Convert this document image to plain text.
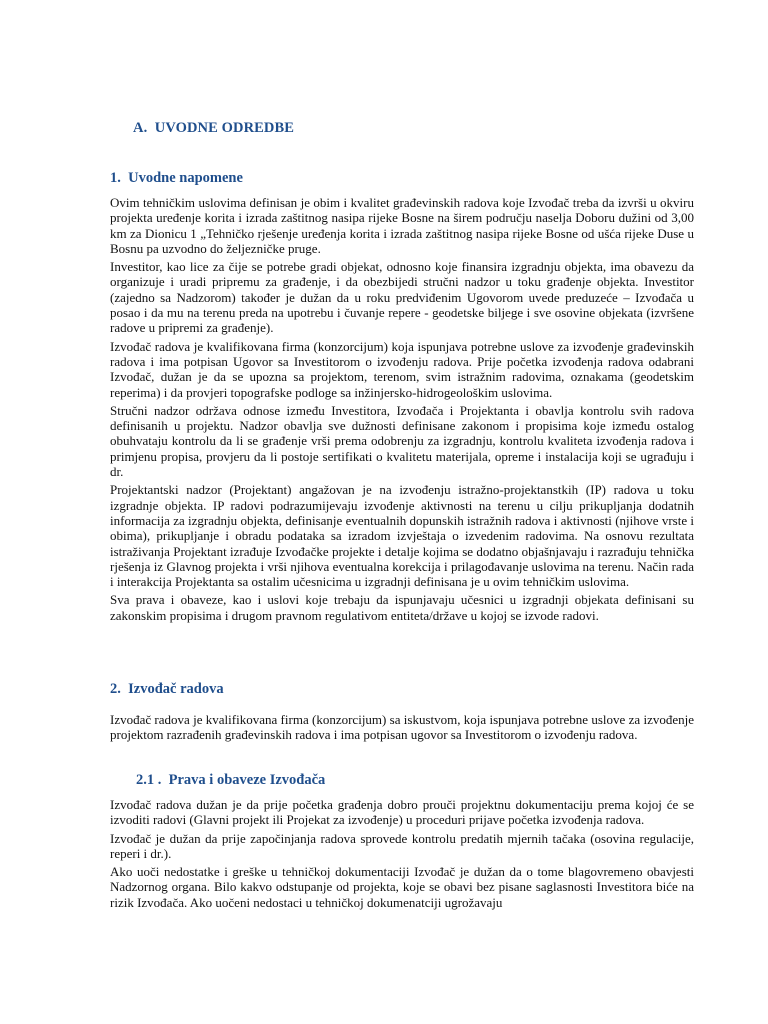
A. UVODNE ODREDBE
1. Uvodne napomene

Ovim tehničkim uslovima definisan je obim i kvalitet građevinskih radova koje Izvođač treba da izvrši u okviru projekta uređenje korita i izrada zaštitnog nasipa rijeke Bosne na širem području naselja Doboru dužini od 3,00 km za Dionicu 1 „Tehničko rješenje uređenja korita i izrada zaštitnog nasipa rijeke Bosne od ušća rijeke Duse u Bosnu pa uzvodno do željezničke pruge.

Investitor, kao lice za čije se potrebe gradi objekat, odnosno koje finansira izgradnju objekta, ima obavezu da organizuje i uradi pripremu za građenje, i da obezbijedi stručni nadzor u toku građenje objekta. Investitor (zajedno sa Nadzorom) također je dužan da u roku predviđenim Ugovorom uvede preduzeće – Izvođača u posao i da mu na terenu preda na upotrebu i čuvanje repere - geodetske biljege i sve osovine objekata (izvršene radove u pripremi za građenje).

Izvođač radova je kvalifikovana firma (konzorcijum) koja ispunjava potrebne uslove za izvođenje građevinskih radova i ima potpisan Ugovor sa Investitorom o izvođenju radova. Prije početka izvođenja radova odabrani Izvođač, dužan je da se upozna sa projektom, terenom, svim istražnim radovima, oznakama (geodetskim reperima) i da provjeri topografske podloge sa inžinjersko-hidrogeološkim uslovima.

Stručni nadzor održava odnose između Investitora, Izvođača i Projektanta i obavlja kontrolu svih radova definisanih u projektu. Nadzor obavlja sve dužnosti definisane zakonom i propisima koje između ostalog obuhvataju kontrolu da li se građenje vrši prema odobrenju za izgradnju, kontrolu kvaliteta izvođenja radova i primjenu propisa, provjeru da li postoje sertifikati o kvalitetu materijala, opreme i instalacija koji se ugrađuju i dr.

Projektantski nadzor (Projektant) angažovan je na izvođenju istražno-projektanstkih (IP) radova u toku izgradnje objekta. IP radovi podrazumijevaju izvođenje aktivnosti na terenu u cilju prikupljanja dodatnih informacija za izgradnju objekta, definisanje eventualnih dopunskih istražnih radova i aktivnosti (njihove vrste i obima), prikupljanje i obradu podataka sa izradom izvještaja o izvedenim radovima. Na osnovu rezultata istraživanja Projektant izrađuje Izvođačke projekte i detalje kojima se dodatno objašnjavaju i razrađuju tehnička rješenja iz Glavnog projekta i vrši njihova eventualna korekcija i prilagođavanje uslovima na terenu. Način rada i interakcija Projektanta sa ostalim učesnicima u izgradnji definisana je u ovim tehničkim uslovima.

Sva prava i obaveze, kao i uslovi koje trebaju da ispunjavaju učesnici u izgradnji objekata definisani su zakonskim propisima i drugom pravnom regulativom entiteta/države u kojoj se izvode radovi.

2. Izvođač radova

Izvođač radova je kvalifikovana firma (konzorcijum) sa iskustvom, koja ispunjava potrebne uslove za izvođenje projektom razrađenih građevinskih radova i ima potpisan ugovor sa Investitorom o izvođenju radova.

2.1 . Prava i obaveze Izvođača

Izvođač radova dužan je da prije početka građenja dobro prouči projektnu dokumentaciju prema kojoj će se izvoditi radovi (Glavni projekt ili Projekat za izvođenje) u proceduri prijave početka izvođenja radova.

Izvođač je dužan da prije započinjanja radova sprovede kontrolu predatih mjernih tačaka (osovina regulacije, reperi i dr.).

Ako uoči nedostatke i greške u tehničkoj dokumentaciji Izvođač je dužan da o tome blagovremeno obavjesti Nadzornog organa. Bilo kakvo odstupanje od projekta, koje se obavi bez pisane saglasnosti Investitora biće na rizik Izvođača. Ako uočeni nedostaci u tehničkoj dokumenatciji ugrožavaju
